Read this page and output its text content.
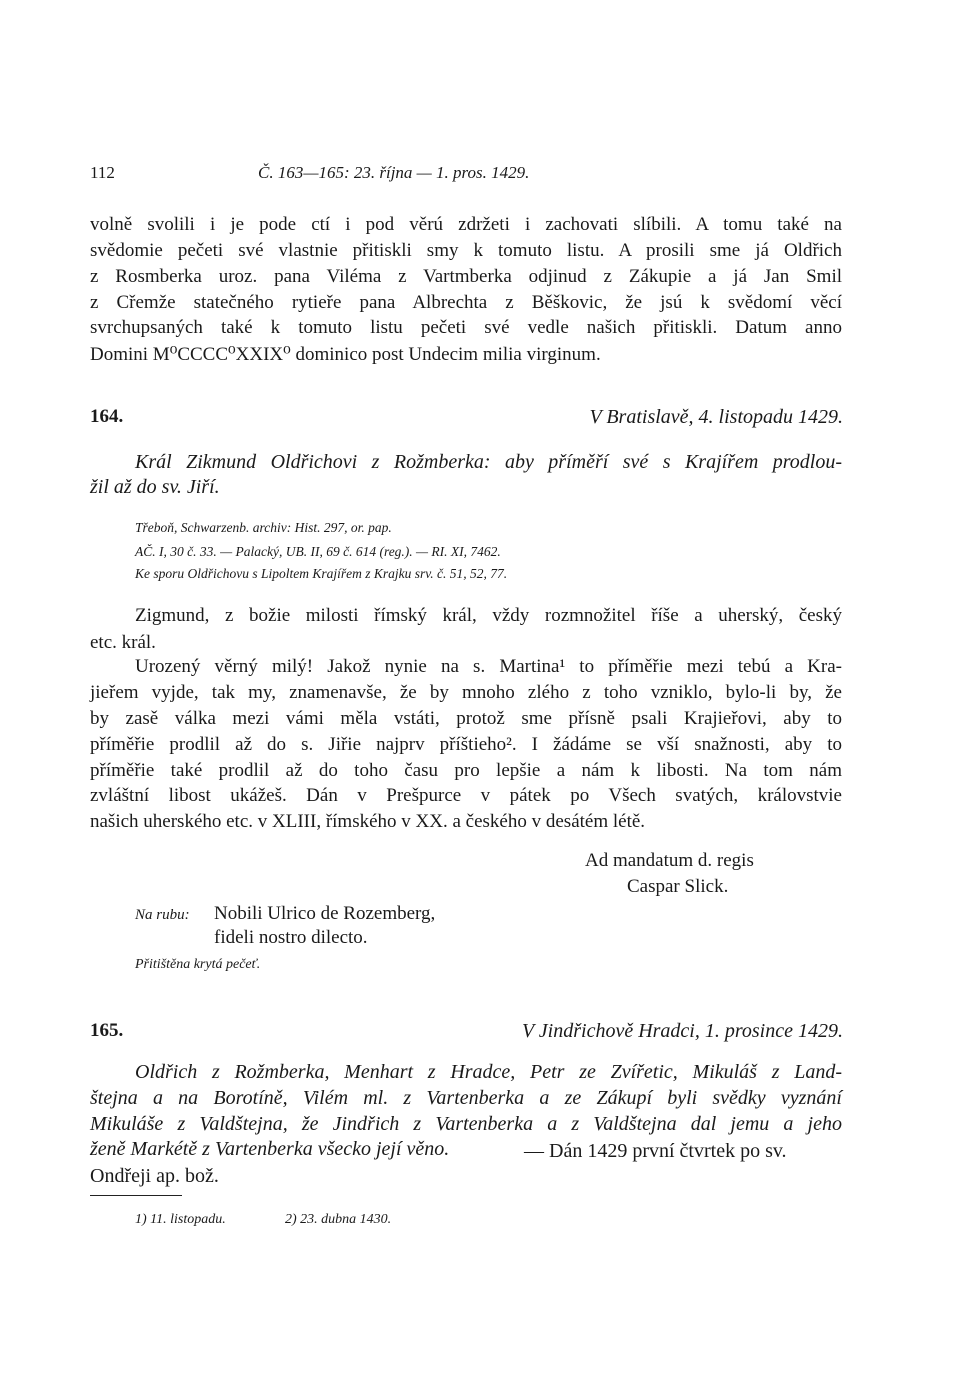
112	Č. 163—165: 23. října — 1. pros. 1429.
volně svolili i je pode ctí i pod věrú zdržeti i zachovati slíbili. A tomu také na
svědomie pečeti své vlastnie přitiskli smy k tomuto listu. A prosili sme já Oldřich
z Rosmberka uroz. pana Viléma z Vartmberka odjinud z Zákupie a já Jan Smil
z Cřemže statečného rytieře pana Albrechta z Běškovic, že jsú k svědomí věcí
svrchupsaných také k tomuto listu pečeti své vedle našich přitiskli. Datum anno
Domini M⁰CCCC⁰XXIX⁰ dominico post Undecim milia virginum.
164.	V Bratislavě, 4. listopadu 1429.
Král Zikmund Oldřichovi z Rožmberka: aby příměří své s Krajířem prodlou-
žil až do sv. Jiří.
Třeboň, Schwarzenb. archiv: Hist. 297, or. pap.
AČ. I, 30 č. 33. — Palacký, UB. II, 69 č. 614 (reg.). — RI. XI, 7462.
Ke sporu Oldřichovu s Lipoltem Krajířem z Krajku srv. č. 51, 52, 77.
Zigmund, z božie milosti římský král, vždy rozmnožitel říše a uherský, český
etc. král.
Urozený věrný milý! Jakož nynie na s. Martina¹ to příměřie mezi tebú a Kra-
jieřem vyjde, tak my, znamenavše, že by mnoho zlého z toho vzniklo, bylo-li by, že
by zasě válka mezi vámi měla vstáti, protož sme přísně psali Krajieřovi, aby to
příměřie prodlil až do s. Jiřie najprv příštieho². I žádáme se vší snažnosti, aby to
příměřie také prodlil až do toho času pro lepšie a nám k libosti. Na tom nám
zvláštní libost ukážeš. Dán v Prešpurce v pátek po Všech svatých, královstvie
našich uherského etc. v XLIII, římského v XX. a českého v desátém létě.
Ad mandatum d. regis
Caspar Slick.
Na rubu: Nobili Ulrico de Rozemberg,
fideli nostro dilecto.
Přitištěna krytá pečeť.
165.	V Jindřichově Hradci, 1. prosince 1429.
Oldřich z Rožmberka, Menhart z Hradce, Petr ze Zvířetic, Mikuláš z Land-
štejna a na Borotíně, Vilém ml. z Vartenberka a ze Zákupí byli svědky vyznání
Mikuláše z Valdštejna, že Jindřich z Vartenberka a z Valdštejna dal jemu a jeho
ženě Markétě z Vartenberka všecko její věno.	— Dán 1429 první čtvrtek po sv.
Ondřeji ap. bož.
1) 11. listopadu.	2) 23. dubna 1430.
